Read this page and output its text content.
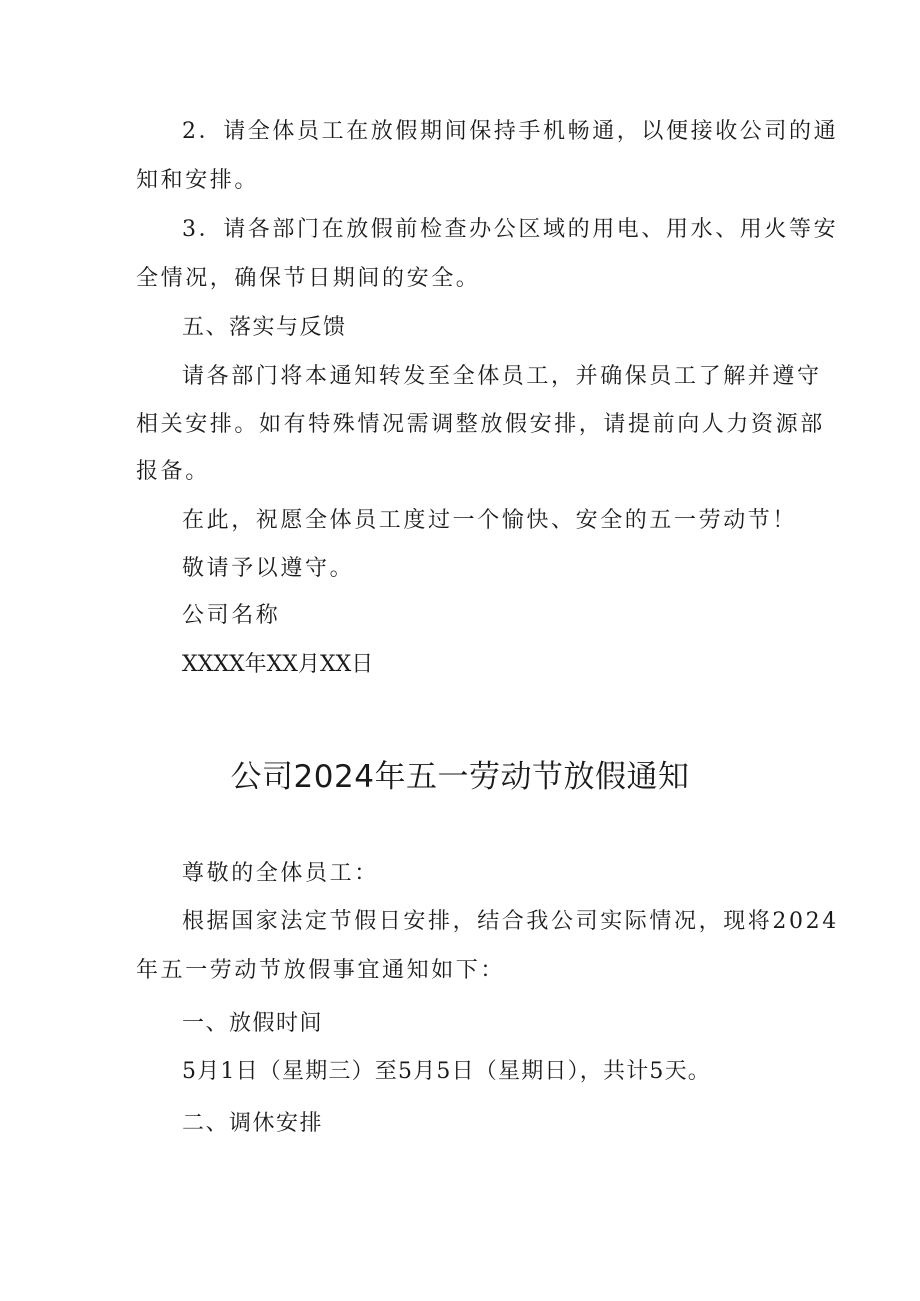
2．请全体员工在放假期间保持手机畅通，以便接收公司的通
知和安排。
3．请各部门在放假前检查办公区域的用电、用水、用火等安
全情况，确保节日期间的安全。
五、落实与反馈
请各部门将本通知转发至全体员工，并确保员工了解并遵守
相关安排。如有特殊情况需调整放假安排，请提前向人力资源部
报备。
在此，祝愿全体员工度过一个愉快、安全的五一劳动节！
敬请予以遵守。
公司名称
XXXX年XX月XX日
公司2024年五一劳动节放假通知
尊敬的全体员工：
根据国家法定节假日安排，结合我公司实际情况，现将2024
年五一劳动节放假事宜通知如下：
一、放假时间
5月1日（星期三）至5月5日（星期日），共计5天。
二、调休安排
